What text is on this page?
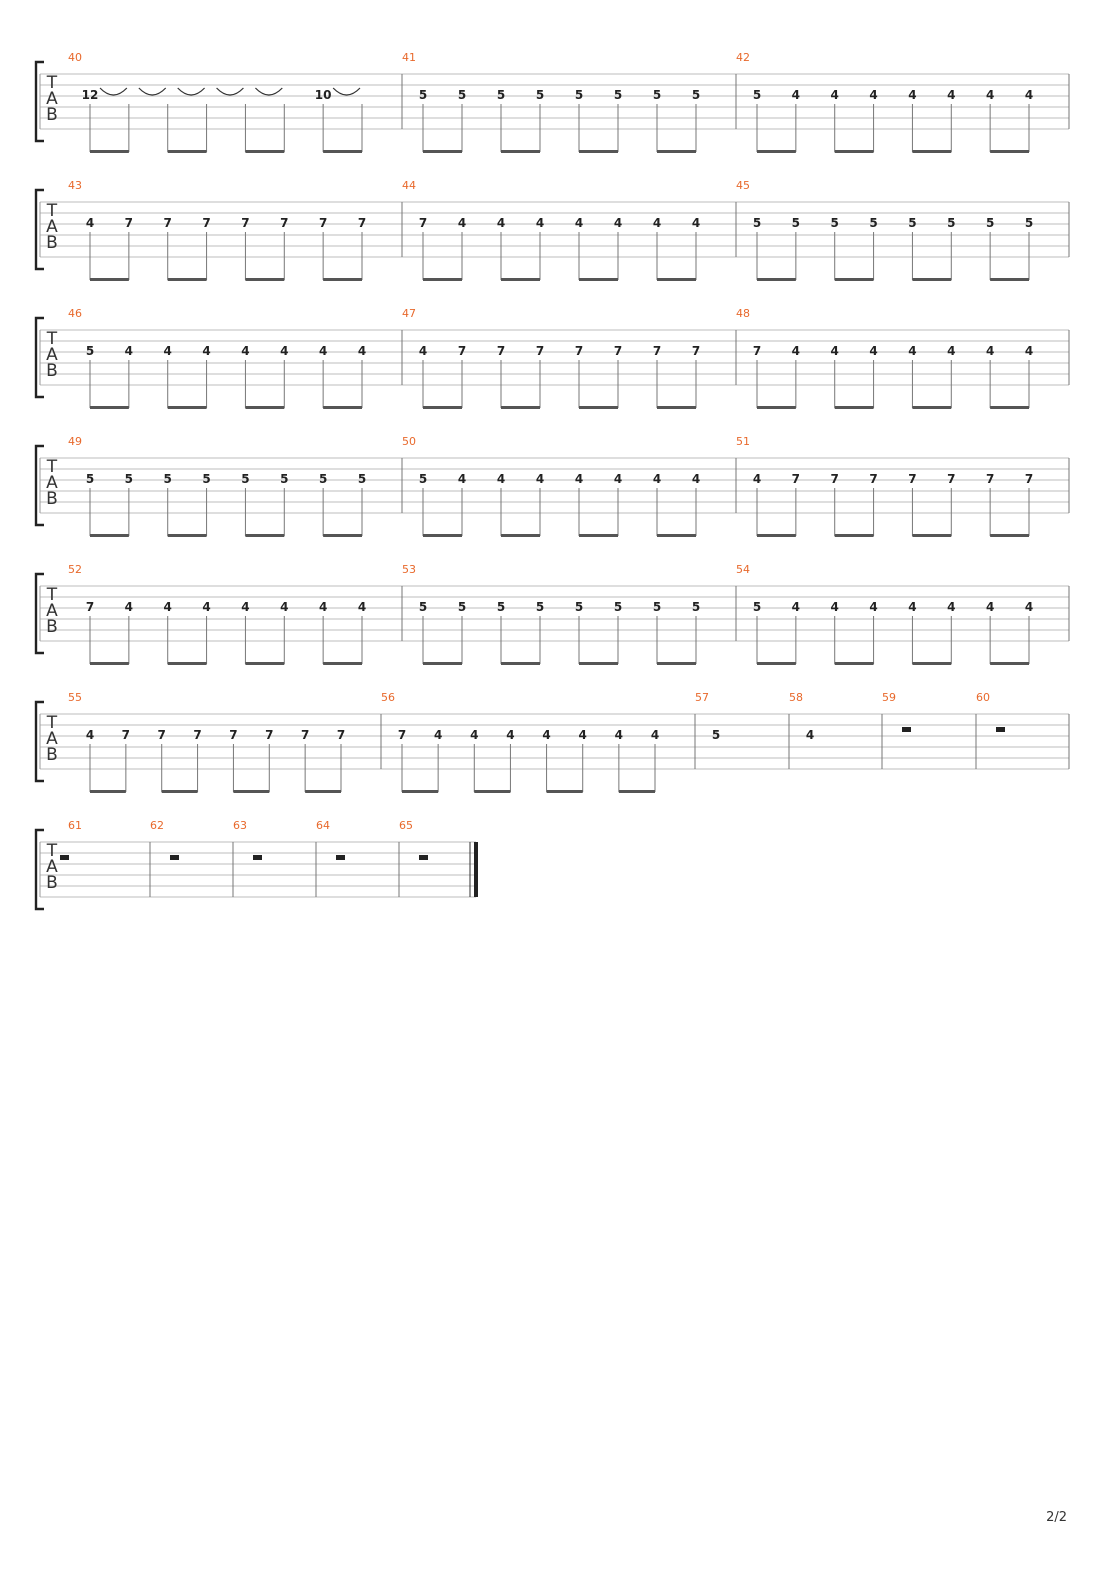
T
A
B
40
12	10
41
5	5	5	5	5	5	5	5
42
5	4	4	4	4	4	4	4
T
A
B
43
4	7	7	7	7	7	7	7
44
7	4	4	4	4	4	4	4
45
5	5	5	5	5	5	5	5
T
A
B
46
5	4	4	4	4	4	4	4
47
4	7	7	7	7	7	7	7
48
7	4	4	4	4	4	4	4
T
A
B
49
5	5	5	5	5	5	5	5
50
5	4	4	4	4	4	4	4
51
4	7	7	7	7	7	7	7
T
A
B
52
7	4	4	4	4	4	4	4
53
5	5	5	5	5	5	5	5
54
5	4	4	4	4	4	4	4
T
A
B
55
4 7 7 7 7 7 7 7
56
7 4 4 4 4 4 4 4
57
5
58
4
59	60
T
A
B
61	62	63	64	65
2/2
